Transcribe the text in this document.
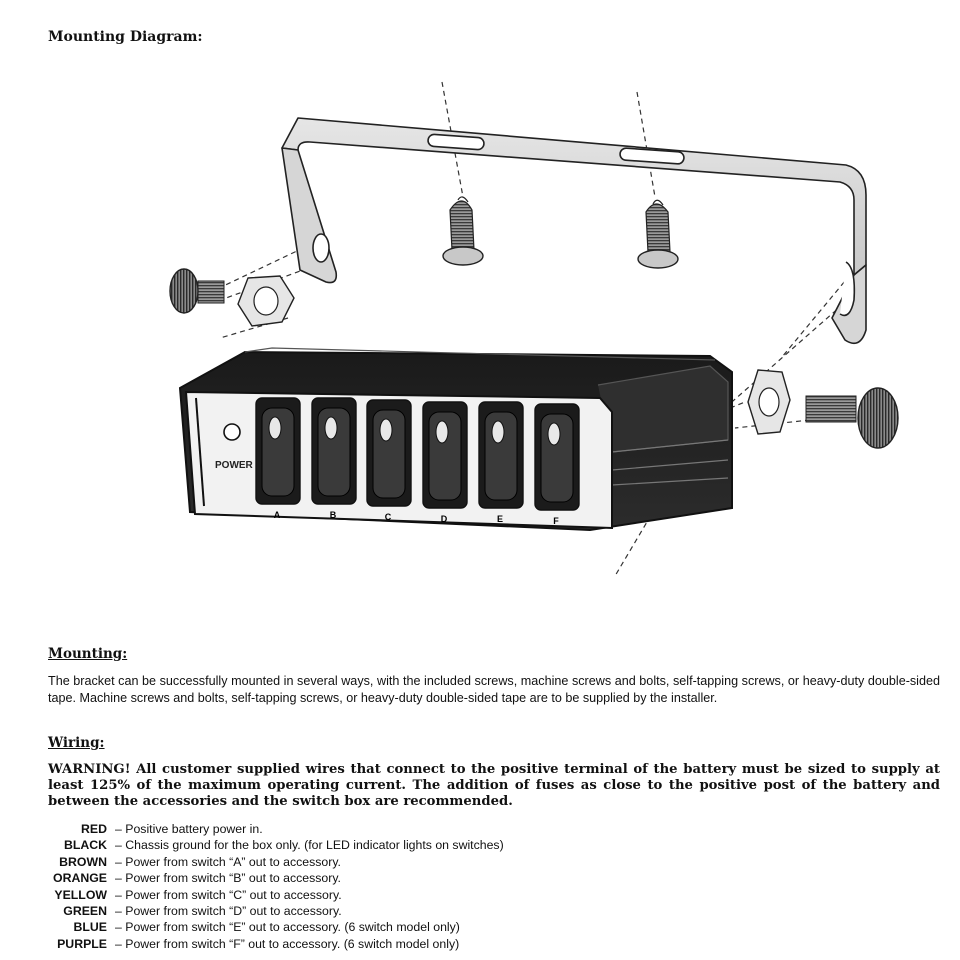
Mounting Diagram:
POWER
A	B	C	D	E	F
Mounting:
The bracket can be successfully mounted in several ways, with the included screws, machine screws and bolts, self-tapping screws, or heavy-duty double-sided tape. Machine screws and bolts, self-tapping screws, or heavy-duty double-sided tape are to be supplied by the installer.
Wiring:
WARNING! All customer supplied wires that connect to the positive terminal of the battery must be sized to supply at least 125% of the maximum operating current. The addition of fuses as close to the positive post of the battery and between the accessories and the switch box are recommended.
RED – Positive battery power in.
BLACK – Chassis ground for the box only. (for LED indicator lights on switches)
BROWN – Power from switch “A” out to accessory.
ORANGE – Power from switch “B” out to accessory.
YELLOW – Power from switch “C” out to accessory.
GREEN – Power from switch “D” out to accessory.
BLUE – Power from switch “E” out to accessory. (6 switch model only)
PURPLE – Power from switch “F” out to accessory. (6 switch model only)
